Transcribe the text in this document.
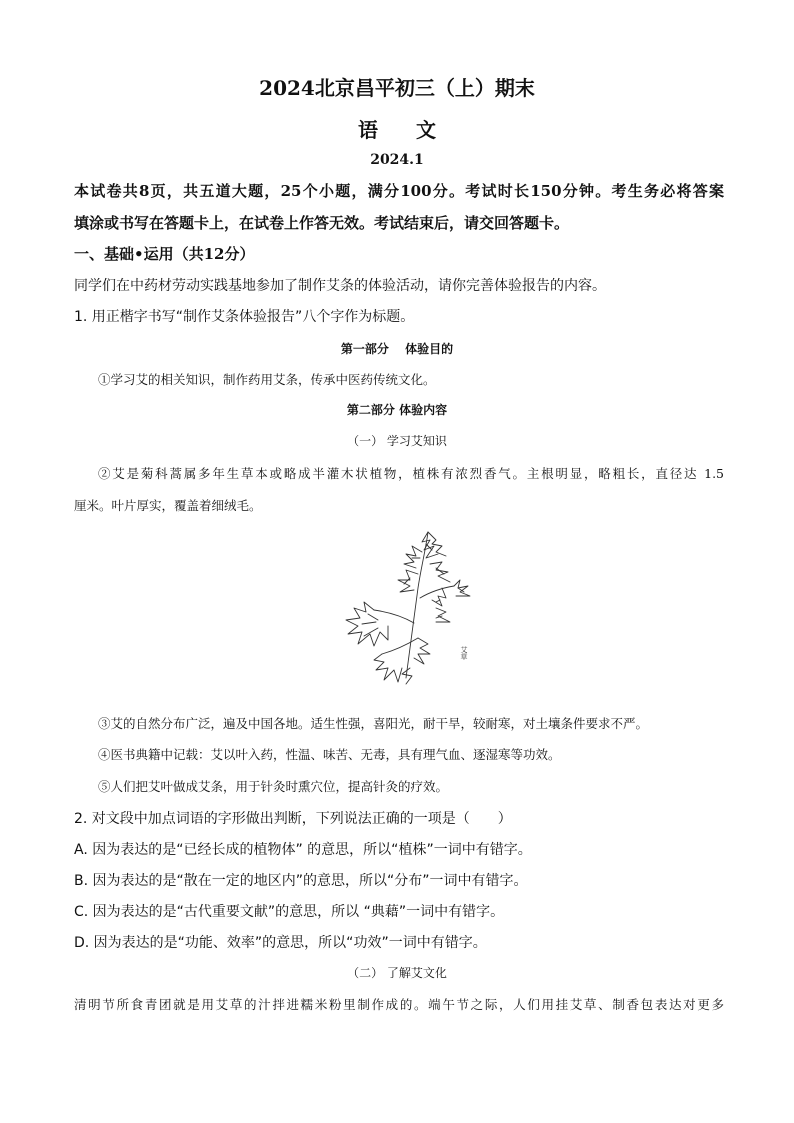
2024北京昌平初三（上）期末
语文
2024.1
本试卷共8页，共五道大题，25个小题，满分100分。考试时长150分钟。考生务必将答案
填涂或书写在答题卡上，在试卷上作答无效。考试结束后，请交回答题卡。
一、基础•运用（共12分）
同学们在中药材劳动实践基地参加了制作艾条的体验活动，请你完善体验报告的内容。
1. 用正楷字书写“制作艾条体验报告”八个字作为标题。
第一部分　 体验目的
①学习艾的相关知识，制作药用艾条，传承中医药传统文化。
第二部分 体验内容
（一） 学习艾知识
②艾是菊科蒿属多年生草本或略成半灌木状植物，植株有浓烈香气。主根明显，略粗长，直径达 1.5
厘米。叶片厚实，覆盖着细绒毛。
艾草
③艾的自然分布广泛，遍及中国各地。适生性强，喜阳光，耐干旱，较耐寒，对土壤条件要求不严。
④医书典籍中记载：艾以叶入药，性温、味苦、无毒，具有理气血、逐湿寒等功效。
⑤人们把艾叶做成艾条，用于针灸时熏穴位，提高针灸的疗效。
2. 对文段中加点词语的字形做出判断，下列说法正确的一项是（　　）
A. 因为表达的是“已经长成的植物体” 的意思，所以“植株”一词中有错字。
B. 因为表达的是“散在一定的地区内”的意思，所以“分布”一词中有错字。
C. 因为表达的是“古代重要文献”的意思，所以 “典藉”一词中有错字。
D. 因为表达的是“功能、效率”的意思，所以“功效”一词中有错字。
（二） 了解艾文化
清明节所食青团就是用艾草的汁拌进糯米粉里制作成的。端午节之际，人们用挂艾草、制香包表达对更多
